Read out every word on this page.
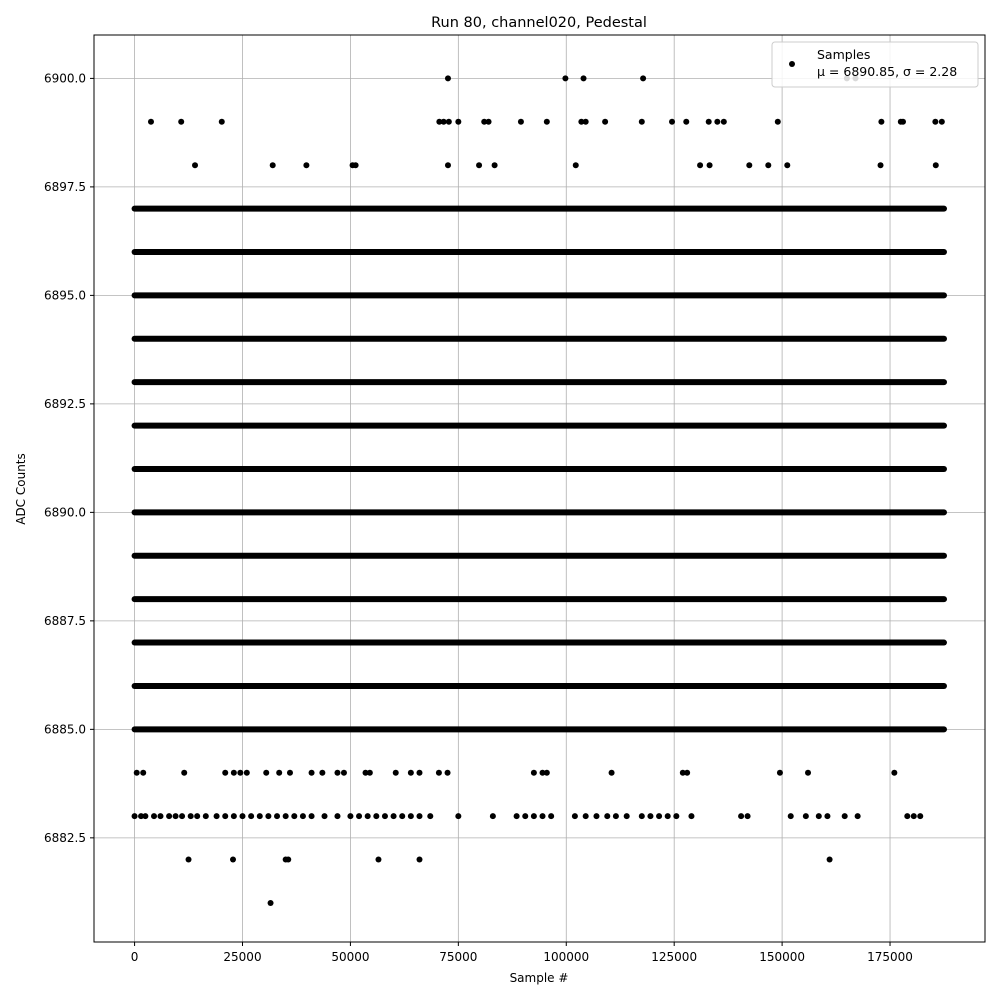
Run 80, channel020, Pedestal
0	25000	50000	75000	100000	125000	150000	175000
6882.5
6885.0
6887.5
6890.0
6892.5
6895.0
6897.5
6900.0
Sample #
ADC Counts
Samples
μ = 6890.85, σ = 2.28
